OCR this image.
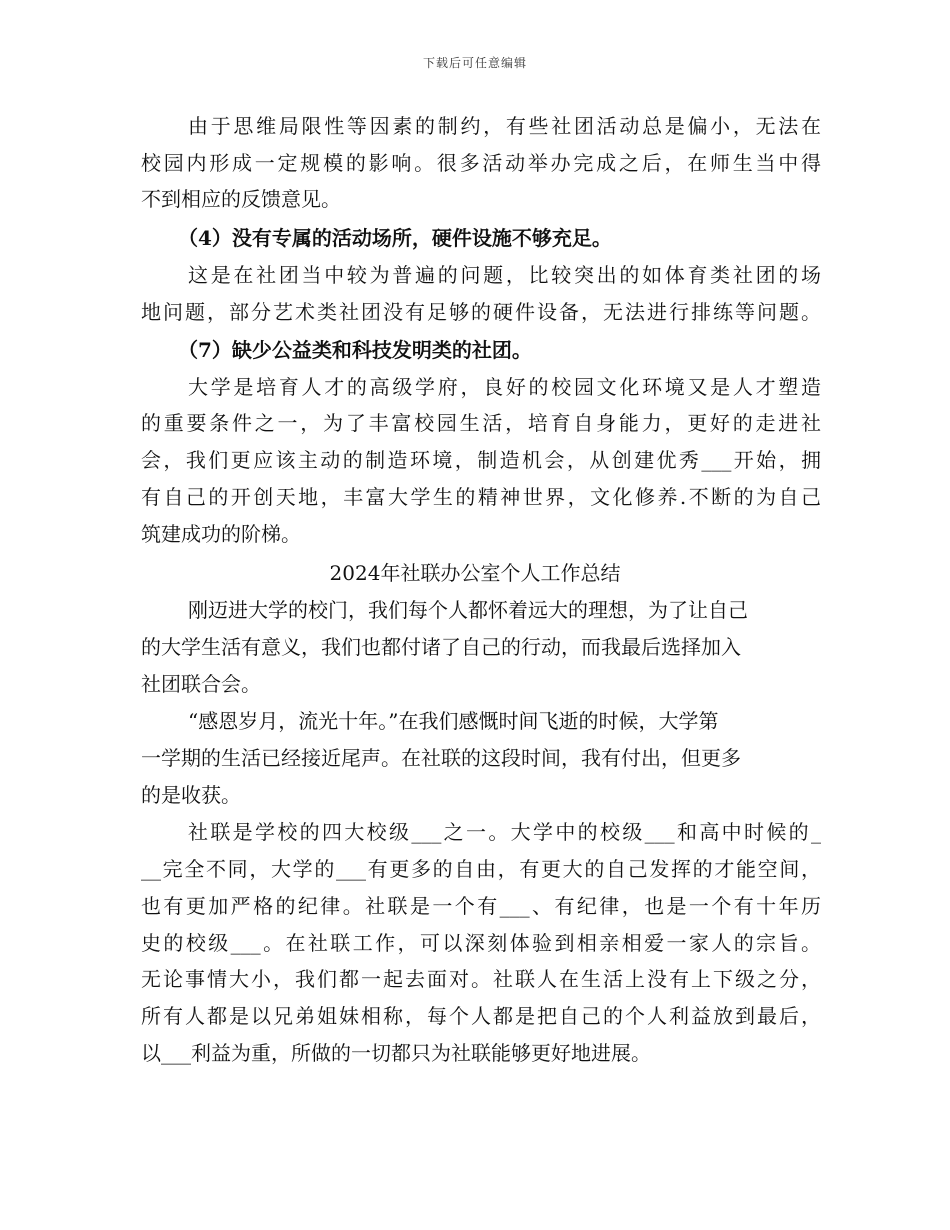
下载后可任意编辑
由于思维局限性等因素的制约，有些社团活动总是偏小，无法在
校园内形成一定规模的影响。很多活动举办完成之后，在师生当中得
不到相应的反馈意见。
（4）没有专属的活动场所，硬件设施不够充足。
这是在社团当中较为普遍的问题，比较突出的如体育类社团的场
地问题，部分艺术类社团没有足够的硬件设备，无法进行排练等问题。
（7）缺少公益类和科技发明类的社团。
大学是培育人才的高级学府，良好的校园文化环境又是人才塑造
的重要条件之一，为了丰富校园生活，培育自身能力，更好的走进社
会，我们更应该主动的制造环境，制造机会，从创建优秀___开始，拥
有自己的开创天地，丰富大学生的精神世界，文化修养.不断的为自己
筑建成功的阶梯。
2024年社联办公室个人工作总结
刚迈进大学的校门，我们每个人都怀着远大的理想，为了让自己
的大学生活有意义，我们也都付诸了自己的行动，而我最后选择加入
社团联合会。
“感恩岁月，流光十年。”在我们感慨时间飞逝的时候，大学第
一学期的生活已经接近尾声。在社联的这段时间，我有付出，但更多
的是收获。
社联是学校的四大校级___之一。大学中的校级___和高中时候的_
__完全不同，大学的___有更多的自由，有更大的自己发挥的才能空间，
也有更加严格的纪律。社联是一个有___、有纪律，也是一个有十年历
史的校级___。在社联工作，可以深刻体验到相亲相爱一家人的宗旨。
无论事情大小，我们都一起去面对。社联人在生活上没有上下级之分，
所有人都是以兄弟姐妹相称，每个人都是把自己的个人利益放到最后，
以___利益为重，所做的一切都只为社联能够更好地进展。
